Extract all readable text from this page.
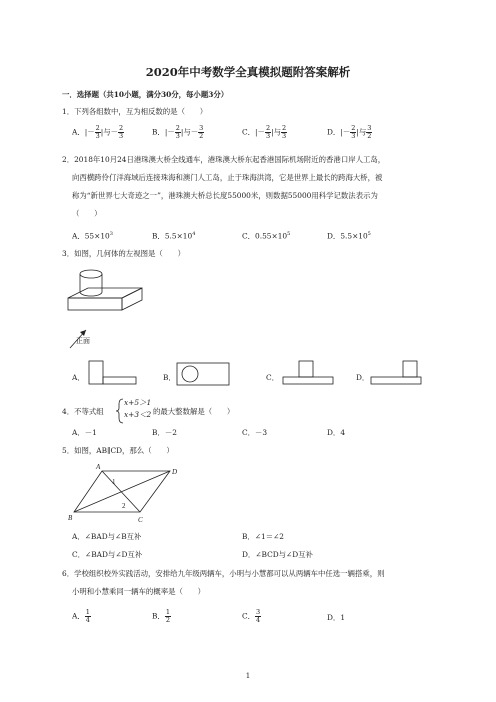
2020年中考数学全真模拟题附答案解析
一．选择题（共10小题，满分30分，每小题3分）
1．下列各组数中，互为相反数的是（　　）
A．|－ $\frac{2}{3}$ |与－ $\frac{2}{3}$	B．|－ $\frac{2}{3}$ |与－ $\frac{3}{2}$	C．|－ $\frac{2}{3}$ |与 $\frac{2}{3}$	D．|－ $\frac{2}{3}$ |与 $\frac{3}{2}$
2．2018年10月24日港珠澳大桥全线通车，港珠澳大桥东起香港国际机场附近的香港口岸人工岛，
向西横跨伶仃洋海域后连接珠海和澳门人工岛，止于珠海洪湾，它是世界上最长的跨海大桥，被
称为“新世界七大奇迹之一”，港珠澳大桥总长度55000米，则数据55000用科学记数法表示为
（　　）
A．$55\times 10^3$	B．$5.5\times 10^4$	C．$0.55\times 10^5$	D．$5.5\times 10^5$
3．如图，几何体的左视图是（　　）
正面
A．	B．	C．	D．
4．不等式组
x+5＞1
x+3＜2 的最大整数解是（　　）
A．－1	B．－2	C．－3	D．4
5．如图，AB∥CD，那么（　　）
A
D
B	C
1
2
A．∠BAD与∠B互补	B．∠1＝∠2
C．∠BAD与∠D互补	D．∠BCD与∠D互补
6．学校组织校外实践活动，安排给九年级两辆车，小明与小慧都可以从两辆车中任选一辆搭乘，则
小明和小慧乘同一辆车的概率是（　　）
A． $\frac{1}{4}$	B． $\frac{1}{2}$	C． $\frac{3}{4}$	D．1
1
